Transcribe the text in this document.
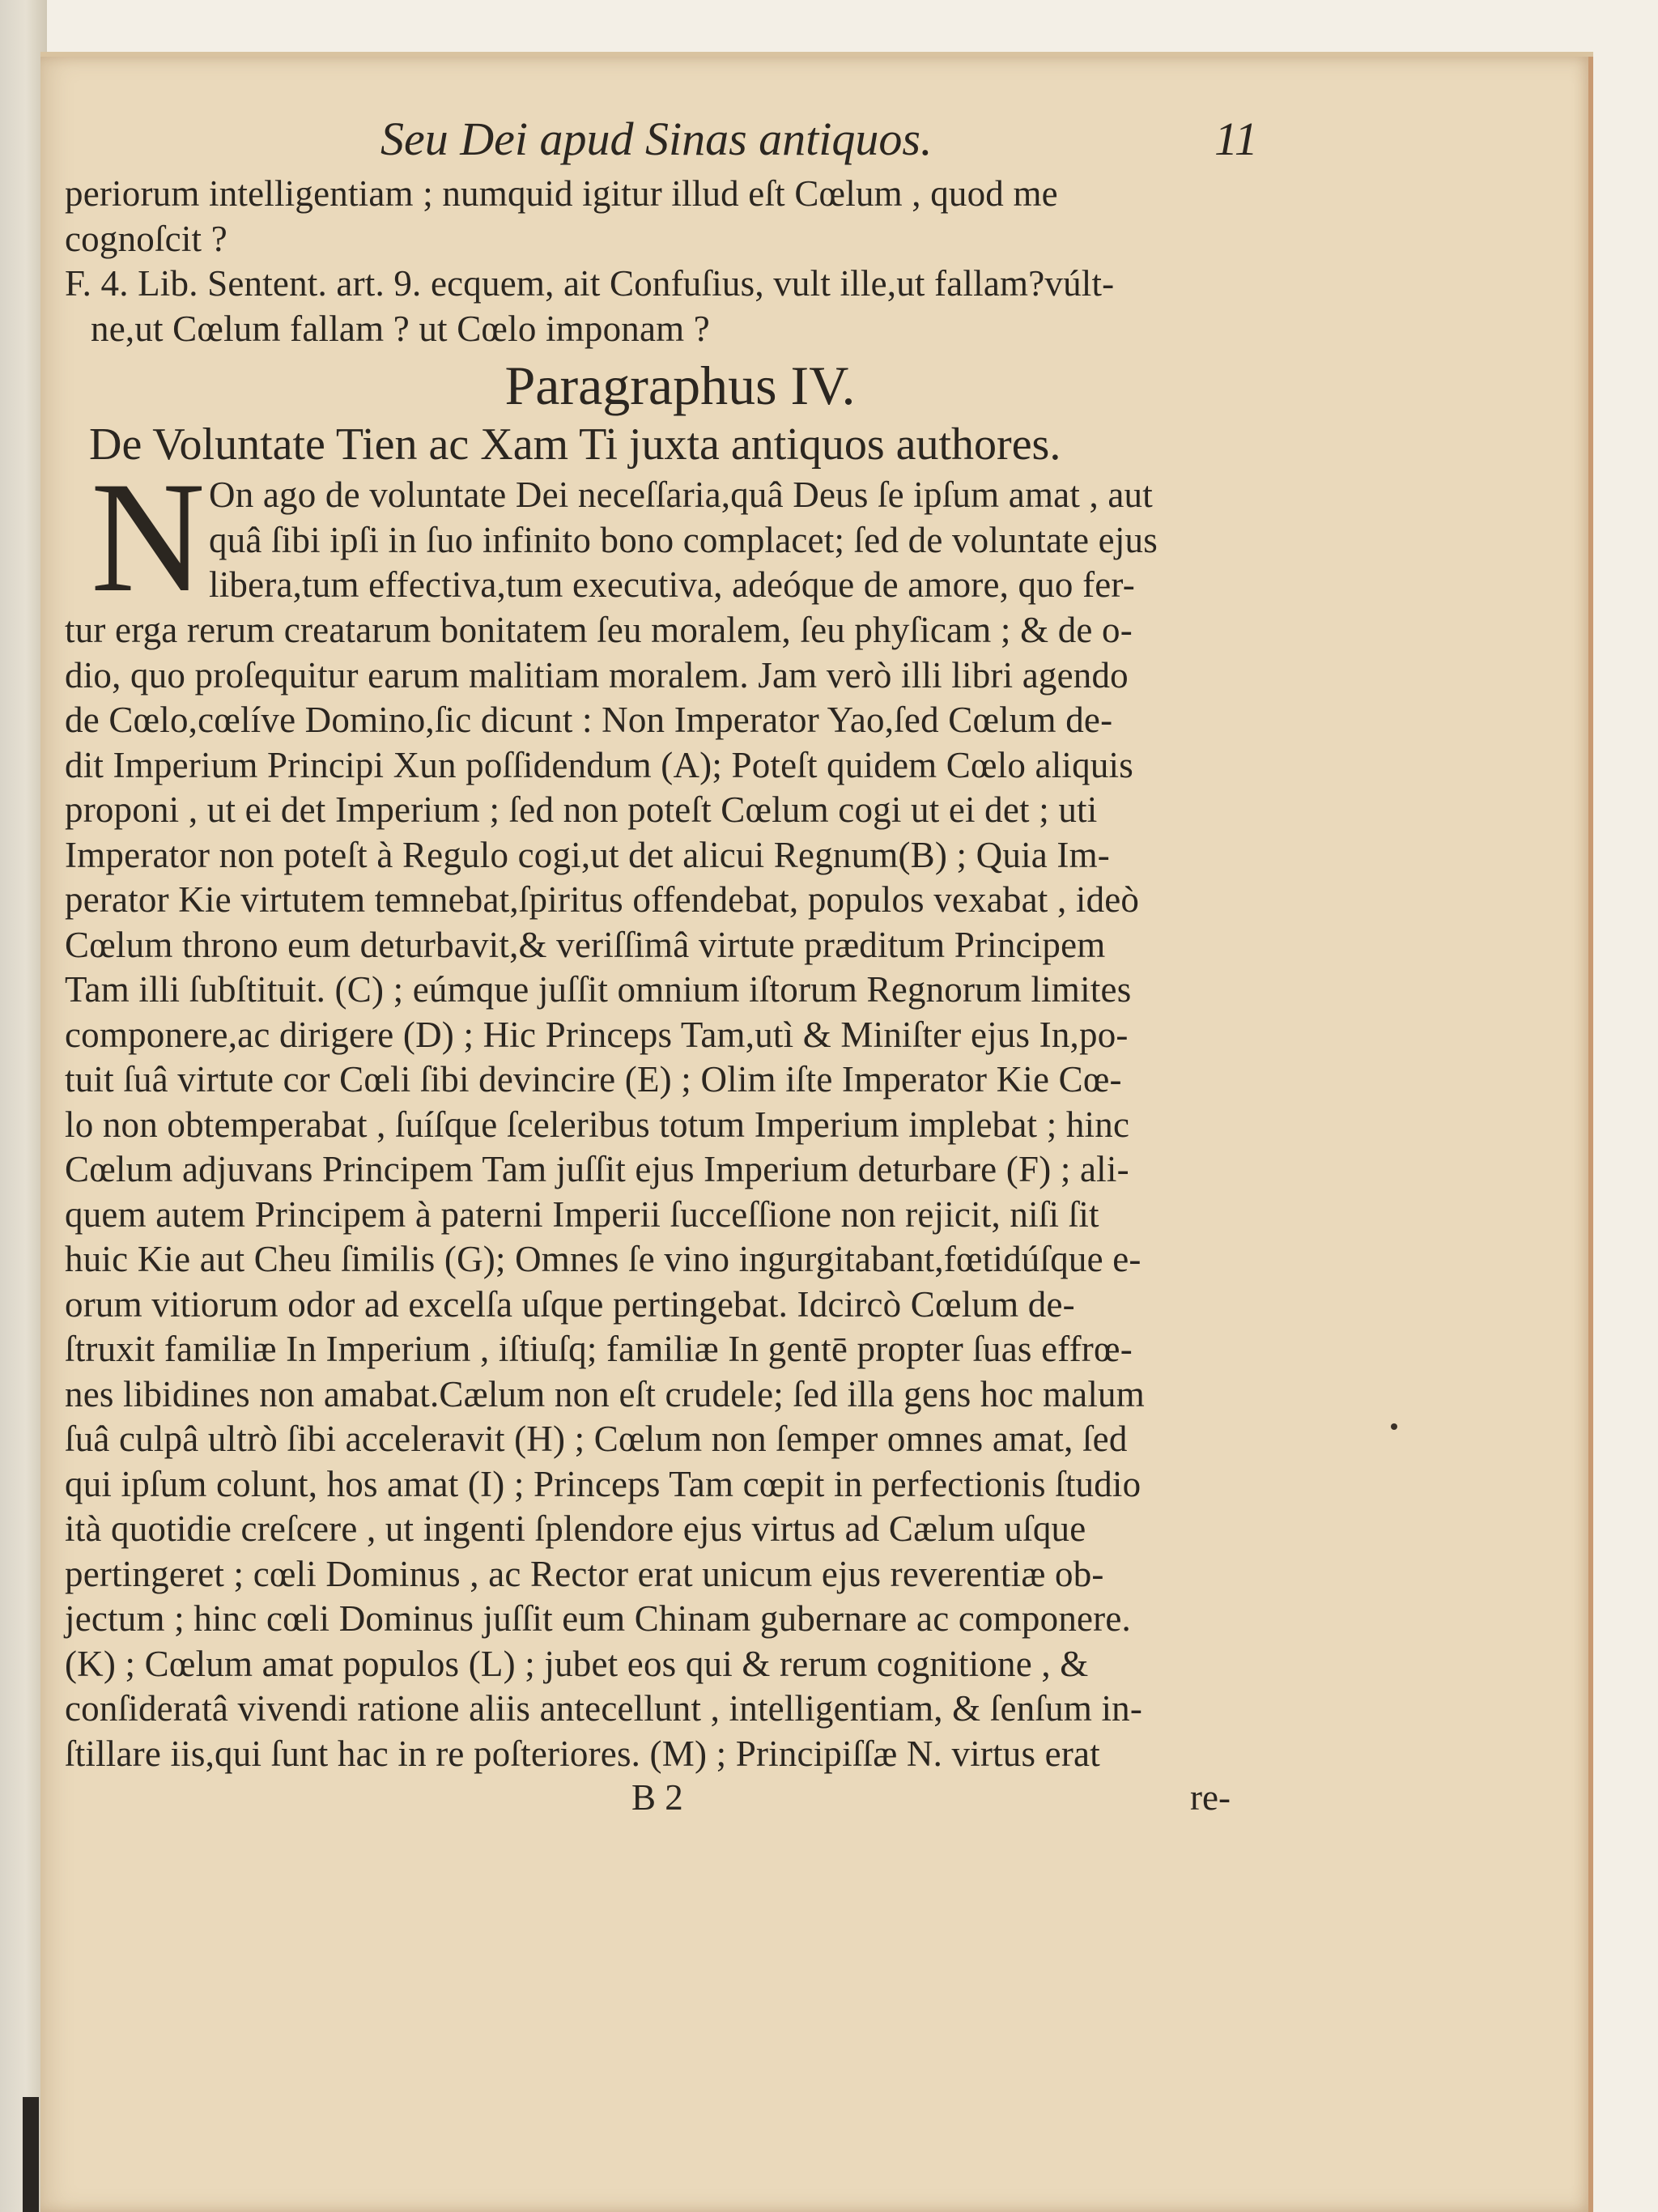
Seu Dei apud Sinas antiquos.	11
periorum intelligentiam ; numquid igitur illud eſt Cœlum , quod me
cognoſcit ?
F. 4. Lib. Sentent. art. 9. ecquem, ait Confuſius, vult ille,ut fallam?vúlt-
ne,ut Cœlum fallam ? ut Cœlo imponam ?
Paragraphus IV.
De Voluntate Tien ac Xam Ti juxta antiquos authores.
N On ago de voluntate Dei neceſſaria,quâ Deus ſe ipſum amat , aut
quâ ſibi ipſi in ſuo infinito bono complacet; ſed de voluntate ejus
libera,tum effectiva,tum executiva, adeóque de amore, quo fer-
tur erga rerum creatarum bonitatem ſeu moralem, ſeu phyſicam ; & de o-
dio, quo proſequitur earum malitiam moralem. Jam verò illi libri agendo
de Cœlo,cœlíve Domino,ſic dicunt : Non Imperator Yao,ſed Cœlum de-
dit Imperium Principi Xun poſſidendum (A); Poteſt quidem Cœlo aliquis
proponi , ut ei det Imperium ; ſed non poteſt Cœlum cogi ut ei det ; uti
Imperator non poteſt à Regulo cogi,ut det alicui Regnum(B) ; Quia Im-
perator Kie virtutem temnebat,ſpiritus offendebat, populos vexabat , ideò
Cœlum throno eum deturbavit,& veriſſimâ virtute præditum Principem
Tam illi ſubſtituit. (C) ; eúmque juſſit omnium iſtorum Regnorum limites
componere,ac dirigere (D) ; Hic Princeps Tam,utì & Miniſter ejus In,po-
tuit ſuâ virtute cor Cœli ſibi devincire (E) ; Olim iſte Imperator Kie Cœ-
lo non obtemperabat , ſuíſque ſceleribus totum Imperium implebat ; hinc
Cœlum adjuvans Principem Tam juſſit ejus Imperium deturbare (F) ; ali-
quem autem Principem à paterni Imperii ſucceſſione non rejicit, niſi ſit
huic Kie aut Cheu ſimilis (G); Omnes ſe vino ingurgitabant,fœtidúſque e-
orum vitiorum odor ad excelſa uſque pertingebat. Idcircò Cœlum de-
ſtruxit familiæ In Imperium , iſtiuſq; familiæ In gentē propter ſuas effrœ-
nes libidines non amabat.Cælum non eſt crudele; ſed illa gens hoc malum
ſuâ culpâ ultrò ſibi acceleravit (H) ; Cœlum non ſemper omnes amat, ſed
qui ipſum colunt, hos amat (I) ; Princeps Tam cœpit in perfectionis ſtudio
ità quotidie creſcere , ut ingenti ſplendore ejus virtus ad Cælum uſque
pertingeret ; cœli Dominus , ac Rector erat unicum ejus reverentiæ ob-
jectum ; hinc cœli Dominus juſſit eum Chinam gubernare ac componere.
(K) ; Cœlum amat populos (L) ; jubet eos qui & rerum cognitione , &
conſideratâ vivendi ratione aliis antecellunt , intelligentiam, & ſenſum in-
ſtillare iis,qui ſunt hac in re poſteriores. (M) ; Principiſſæ N. virtus erat
B 2	re-
